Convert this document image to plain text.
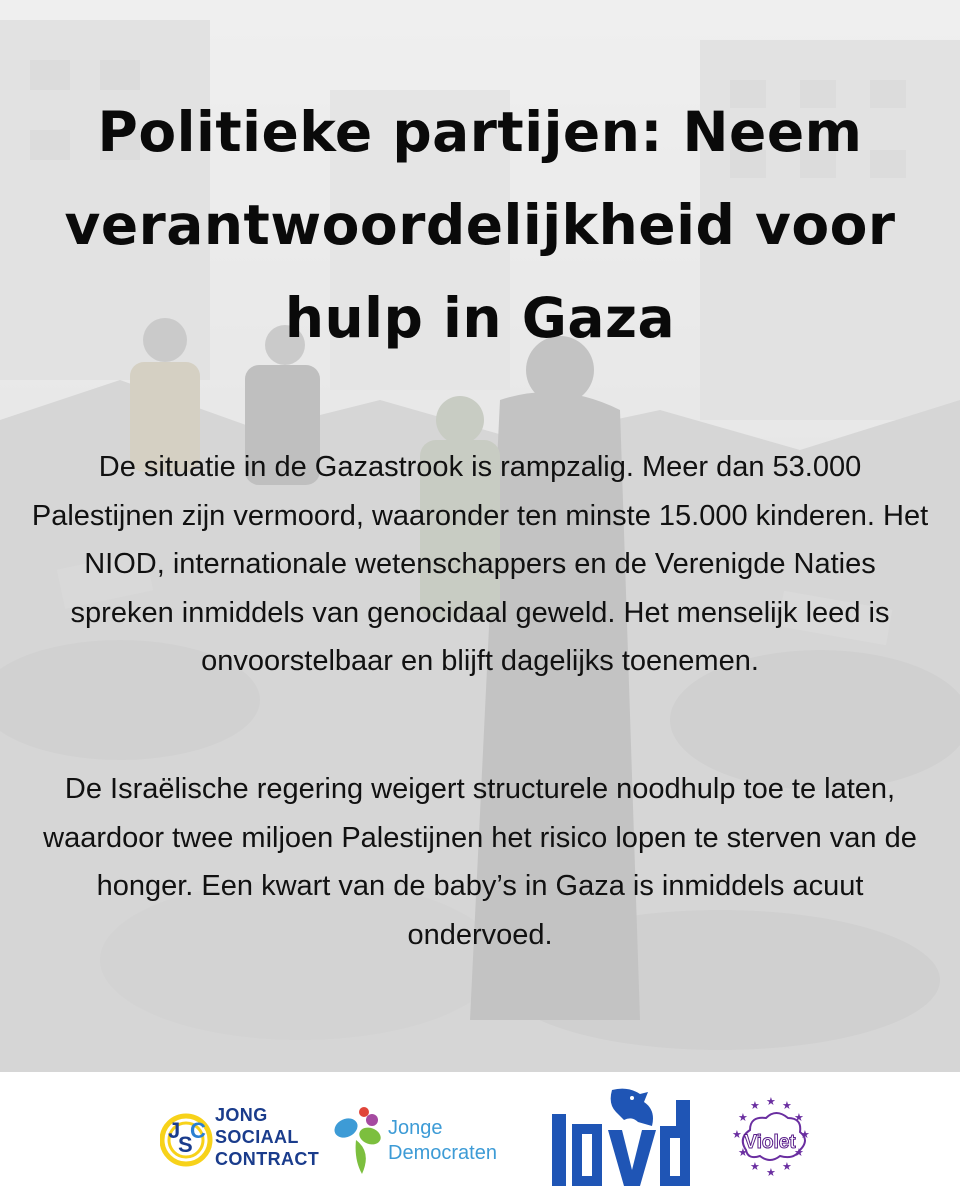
Politieke partijen: Neem verantwoordelijkheid voor hulp in Gaza

De situatie in de Gazastrook is rampzalig. Meer dan 53.000 Palestijnen zijn vermoord, waaronder ten minste 15.000 kinderen. Het NIOD, internationale wetenschappers en de Verenigde Naties spreken inmiddels van genocidaal geweld. Het menselijk leed is onvoorstelbaar en blijft dagelijks toenemen.

De Israëlische regering weigert structurele noodhulp toe te laten, waardoor twee miljoen Palestijnen het risico lopen te sterven van de honger. Een kwart van de baby’s in Gaza is inmiddels acuut ondervoed.

J
S
C
JONG
SOCIAAL
CONTRACT
Jonge
Democraten
★ ★
★
★
★
★
★
★
★
★
★ ★
Volt
Violet
